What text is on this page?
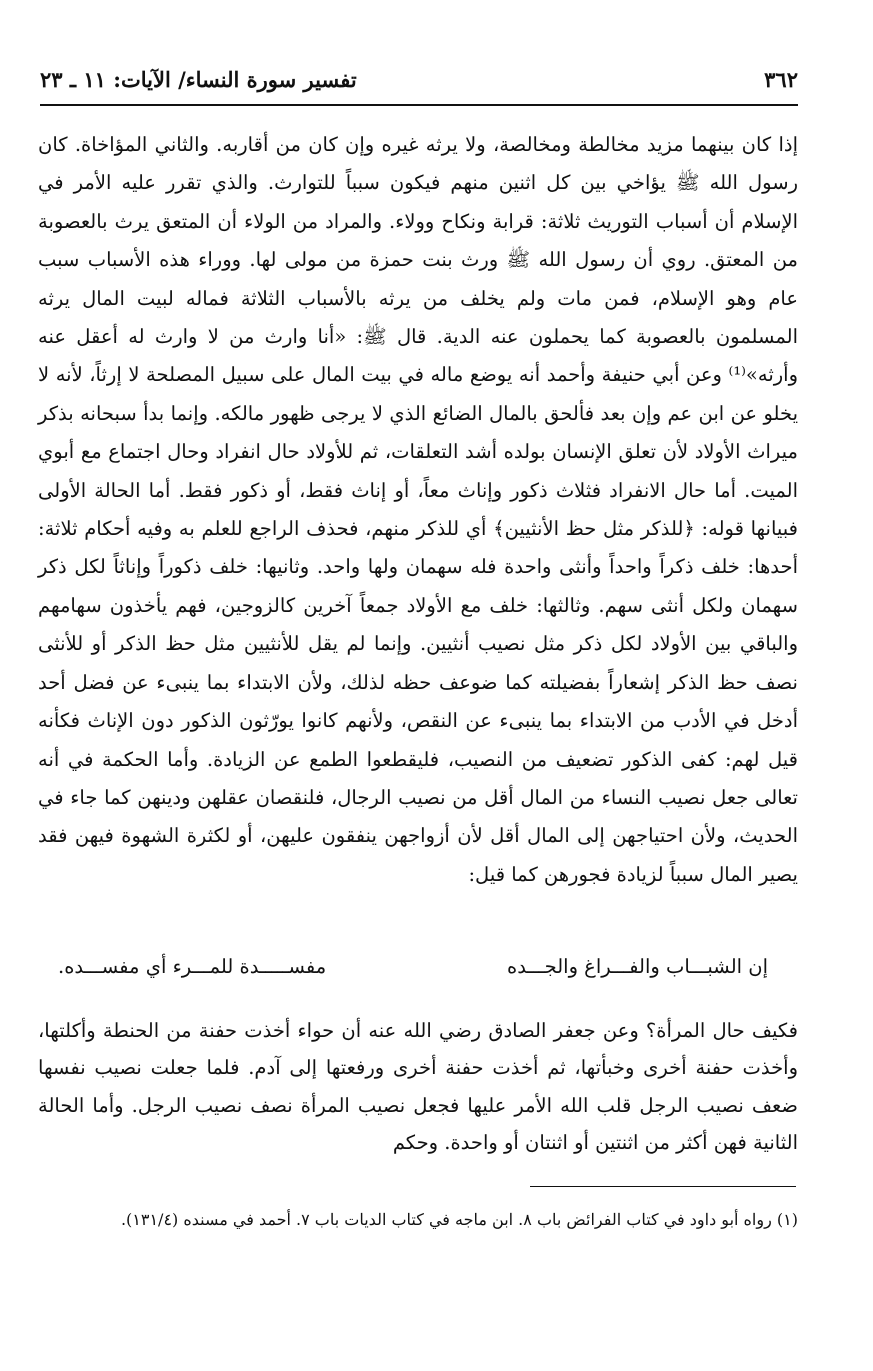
٣٦٢
تفسير سورة النساء/ الآيات: ١١ ـ ٢٣

إذا كان بينهما مزيد مخالطة ومخالصة، ولا يرثه غيره وإن كان من أقاربه. والثاني المؤاخاة. كان رسول الله ﷺ يؤاخي بين كل اثنين منهم فيكون سبباً للتوارث. والذي تقرر عليه الأمر في الإسلام أن أسباب التوريث ثلاثة: قرابة ونكاح وولاء. والمراد من الولاء أن المتعق يرث بالعصوبة من المعتق. روي أن رسول الله ﷺ ورث بنت حمزة من مولى لها. ووراء هذه الأسباب سبب عام وهو الإسلام، فمن مات ولم يخلف من يرثه بالأسباب الثلاثة فماله لبيت المال يرثه المسلمون بالعصوبة كما يحملون عنه الدية. قال ﷺ: «أنا وارث من لا وارث له أعقل عنه وأرثه»⁽¹⁾ وعن أبي حنيفة وأحمد أنه يوضع ماله في بيت المال على سبيل المصلحة لا إرثاً، لأنه لا يخلو عن ابن عم وإن بعد فألحق بالمال الضائع الذي لا يرجى ظهور مالكه. وإنما بدأ سبحانه بذكر ميراث الأولاد لأن تعلق الإنسان بولده أشد التعلقات، ثم للأولاد حال انفراد وحال اجتماع مع أبوي الميت. أما حال الانفراد فثلاث ذكور وإناث معاً، أو إناث فقط، أو ذكور فقط. أما الحالة الأولى فبيانها قوله: ﴿للذكر مثل حظ الأنثيين﴾ أي للذكر منهم، فحذف الراجع للعلم به وفيه أحكام ثلاثة: أحدها: خلف ذكراً واحداً وأنثى واحدة فله سهمان ولها واحد. وثانيها: خلف ذكوراً وإناثاً لكل ذكر سهمان ولكل أنثى سهم. وثالثها: خلف مع الأولاد جمعاً آخرين كالزوجين، فهم يأخذون سهامهم والباقي بين الأولاد لكل ذكر مثل نصيب أنثيين. وإنما لم يقل للأنثيين مثل حظ الذكر أو للأنثى نصف حظ الذكر إشعاراً بفضيلته كما ضوعف حظه لذلك، ولأن الابتداء بما ينبىء عن فضل أحد أدخل في الأدب من الابتداء بما ينبىء عن النقص، ولأنهم كانوا يورّثون الذكور دون الإناث فكأنه قيل لهم: كفى الذكور تضعيف من النصيب، فليقطعوا الطمع عن الزيادة. وأما الحكمة في أنه تعالى جعل نصيب النساء من المال أقل من نصيب الرجال، فلنقصان عقلهن ودينهن كما جاء في الحديث، ولأن احتياجهن إلى المال أقل لأن أزواجهن ينفقون عليهن، أو لكثرة الشهوة فيهن فقد يصير المال سبباً لزيادة فجورهن كما قيل:

إن الشبـــاب والفـــراغ والجـــده
مفســـــدة للمـــرء أي مفســـده.

فكيف حال المرأة؟ وعن جعفر الصادق رضي الله عنه أن حواء أخذت حفنة من الحنطة وأكلتها، وأخذت حفنة أخرى وخبأتها، ثم أخذت حفنة أخرى ورفعتها إلى آدم. فلما جعلت نصيب نفسها ضعف نصيب الرجل قلب الله الأمر عليها فجعل نصيب المرأة نصف نصيب الرجل. وأما الحالة الثانية فهن أكثر من اثنتين أو اثنتان أو واحدة. وحكم

(١) رواه أبو داود في كتاب الفرائض باب ٨. ابن ماجه في كتاب الديات باب ٧. أحمد في مسنده (١٣١/٤).
